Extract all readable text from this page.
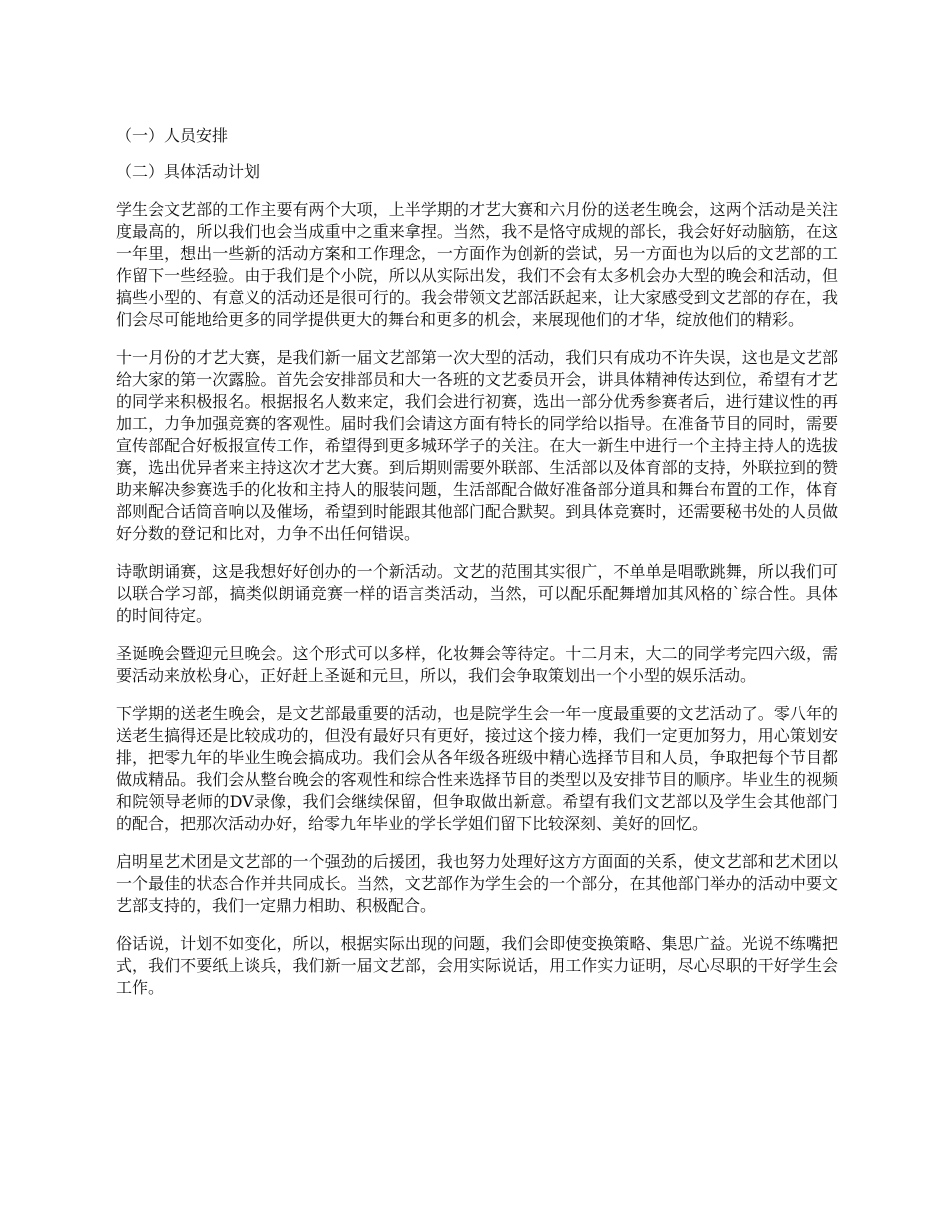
（一）人员安排
（二）具体活动计划

学生会文艺部的工作主要有两个大项，上半学期的才艺大赛和六月份的送老生晚会，这两个活动是关注度最高的，所以我们也会当成重中之重来拿捏。当然，我不是恪守成规的部长，我会好好动脑筋，在这一年里，想出一些新的活动方案和工作理念，一方面作为创新的尝试，另一方面也为以后的文艺部的工作留下一些经验。由于我们是个小院，所以从实际出发，我们不会有太多机会办大型的晚会和活动，但搞些小型的、有意义的活动还是很可行的。我会带领文艺部活跃起来，让大家感受到文艺部的存在，我们会尽可能地给更多的同学提供更大的舞台和更多的机会，来展现他们的才华，绽放他们的精彩。

十一月份的才艺大赛，是我们新一届文艺部第一次大型的活动，我们只有成功不许失误，这也是文艺部给大家的第一次露脸。首先会安排部员和大一各班的文艺委员开会，讲具体精神传达到位，希望有才艺的同学来积极报名。根据报名人数来定，我们会进行初赛，选出一部分优秀参赛者后，进行建议性的再加工，力争加强竞赛的客观性。届时我们会请这方面有特长的同学给以指导。在准备节目的同时，需要宣传部配合好板报宣传工作，希望得到更多城环学子的关注。在大一新生中进行一个主持主持人的选拔赛，选出优异者来主持这次才艺大赛。到后期则需要外联部、生活部以及体育部的支持，外联拉到的赞助来解决参赛选手的化妆和主持人的服装问题，生活部配合做好准备部分道具和舞台布置的工作，体育部则配合话筒音响以及催场，希望到时能跟其他部门配合默契。到具体竞赛时，还需要秘书处的人员做好分数的登记和比对，力争不出任何错误。

诗歌朗诵赛，这是我想好好创办的一个新活动。文艺的范围其实很广，不单单是唱歌跳舞，所以我们可以联合学习部，搞类似朗诵竞赛一样的语言类活动，当然，可以配乐配舞增加其风格的`综合性。具体的时间待定。

圣诞晚会暨迎元旦晚会。这个形式可以多样，化妆舞会等待定。十二月末，大二的同学考完四六级，需要活动来放松身心，正好赶上圣诞和元旦，所以，我们会争取策划出一个小型的娱乐活动。

下学期的送老生晚会，是文艺部最重要的活动，也是院学生会一年一度最重要的文艺活动了。零八年的送老生搞得还是比较成功的，但没有最好只有更好，接过这个接力棒，我们一定更加努力，用心策划安排，把零九年的毕业生晚会搞成功。我们会从各年级各班级中精心选择节目和人员，争取把每个节目都做成精品。我们会从整台晚会的客观性和综合性来选择节目的类型以及安排节目的顺序。毕业生的视频和院领导老师的DV录像，我们会继续保留，但争取做出新意。希望有我们文艺部以及学生会其他部门的配合，把那次活动办好，给零九年毕业的学长学姐们留下比较深刻、美好的回忆。

启明星艺术团是文艺部的一个强劲的后援团，我也努力处理好这方方面面的关系，使文艺部和艺术团以一个最佳的状态合作并共同成长。当然，文艺部作为学生会的一个部分，在其他部门举办的活动中要文艺部支持的，我们一定鼎力相助、积极配合。

俗话说，计划不如变化，所以，根据实际出现的问题，我们会即使变换策略、集思广益。光说不练嘴把式，我们不要纸上谈兵，我们新一届文艺部，会用实际说话，用工作实力证明，尽心尽职的干好学生会工作。
